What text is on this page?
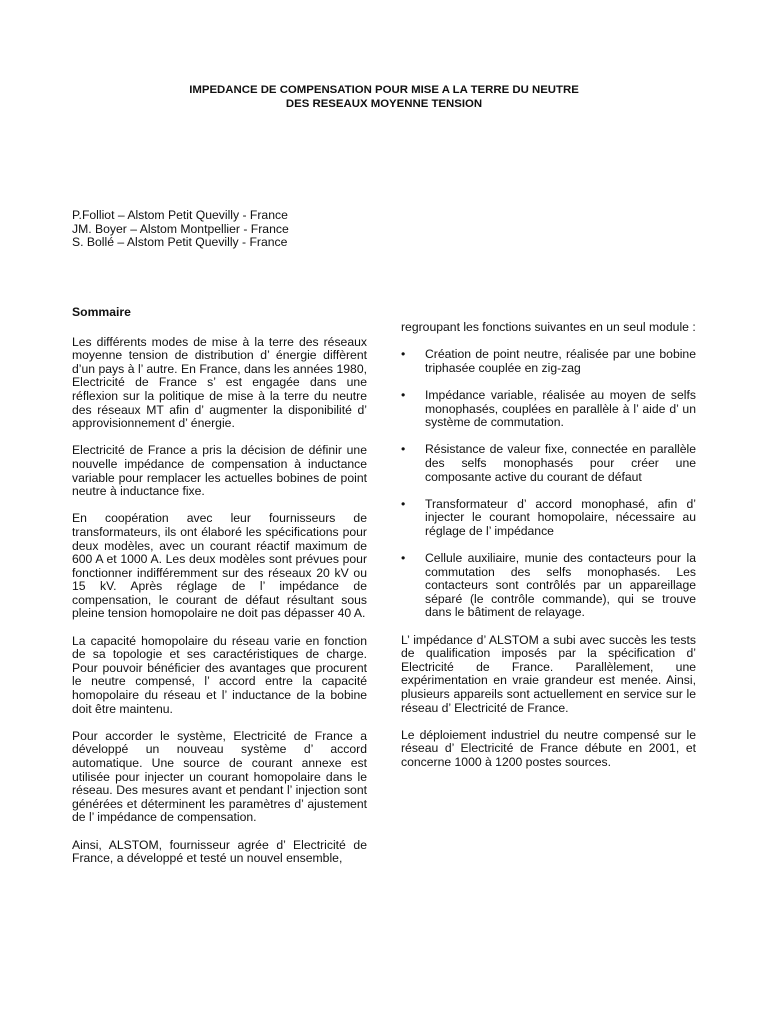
IMPEDANCE DE COMPENSATION POUR MISE A LA TERRE DU NEUTRE
DES RESEAUX MOYENNE TENSION
P.Folliot – Alstom Petit Quevilly - France
JM. Boyer – Alstom Montpellier - France
S. Bollé – Alstom Petit Quevilly - France
Sommaire

Les différents modes de mise à la terre des réseaux moyenne tension de distribution d’ énergie diffèrent d’un pays à l’ autre. En France, dans les années 1980, Electricité de France s’ est engagée dans une réflexion sur la politique de mise à la terre du neutre des réseaux MT afin d’ augmenter la disponibilité d’ approvisionnement d’ énergie.

Electricité de France a pris la décision de définir une nouvelle impédance de compensation à inductance variable pour remplacer les actuelles bobines de point neutre à inductance fixe.

En coopération avec leur fournisseurs de transformateurs, ils ont élaboré les spécifications pour deux modèles, avec un courant réactif maximum de 600 A et 1000 A. Les deux modèles sont prévues pour fonctionner indifféremment sur des réseaux 20 kV ou 15 kV. Après réglage de l’ impédance de compensation, le courant de défaut résultant sous pleine tension homopolaire ne doit pas dépasser 40 A.

La capacité homopolaire du réseau varie en fonction de sa topologie et ses caractéristiques de charge. Pour pouvoir bénéficier des avantages que procurent le neutre compensé, l’ accord entre la capacité homopolaire du réseau et l’ inductance de la bobine doit être maintenu.

Pour accorder le système, Electricité de France a développé un nouveau système d’ accord automatique. Une source de courant annexe est utilisée pour injecter un courant homopolaire dans le réseau. Des mesures avant et pendant l’ injection sont générées et déterminent les paramètres d’ ajustement de l’ impédance de compensation.

Ainsi, ALSTOM, fournisseur agrée d’ Electricité de France, a développé et testé un nouvel ensemble,

regroupant les fonctions suivantes en un seul module :

• Création de point neutre, réalisée par une bobine triphasée couplée en zig-zag
• Impédance variable, réalisée au moyen de selfs monophasés, couplées en parallèle à l’ aide d’ un système de commutation.
• Résistance de valeur fixe, connectée en parallèle des selfs monophasés pour créer une composante active du courant de défaut
• Transformateur d’ accord monophasé, afin d’ injecter le courant homopolaire, nécessaire au réglage de l’ impédance
• Cellule auxiliaire, munie des contacteurs pour la commutation des selfs monophasés. Les contacteurs sont contrôlés par un appareillage séparé (le contrôle commande), qui se trouve dans le bâtiment de relayage.

L’ impédance d’ ALSTOM a subi avec succès les tests de qualification imposés par la spécification d’ Electricité de France. Parallèlement, une expérimentation en vraie grandeur est menée. Ainsi, plusieurs appareils sont actuellement en service sur le réseau d’ Electricité de France.

Le déploiement industriel du neutre compensé sur le réseau d’ Electricité de France débute en 2001, et concerne 1000 à 1200 postes sources.
